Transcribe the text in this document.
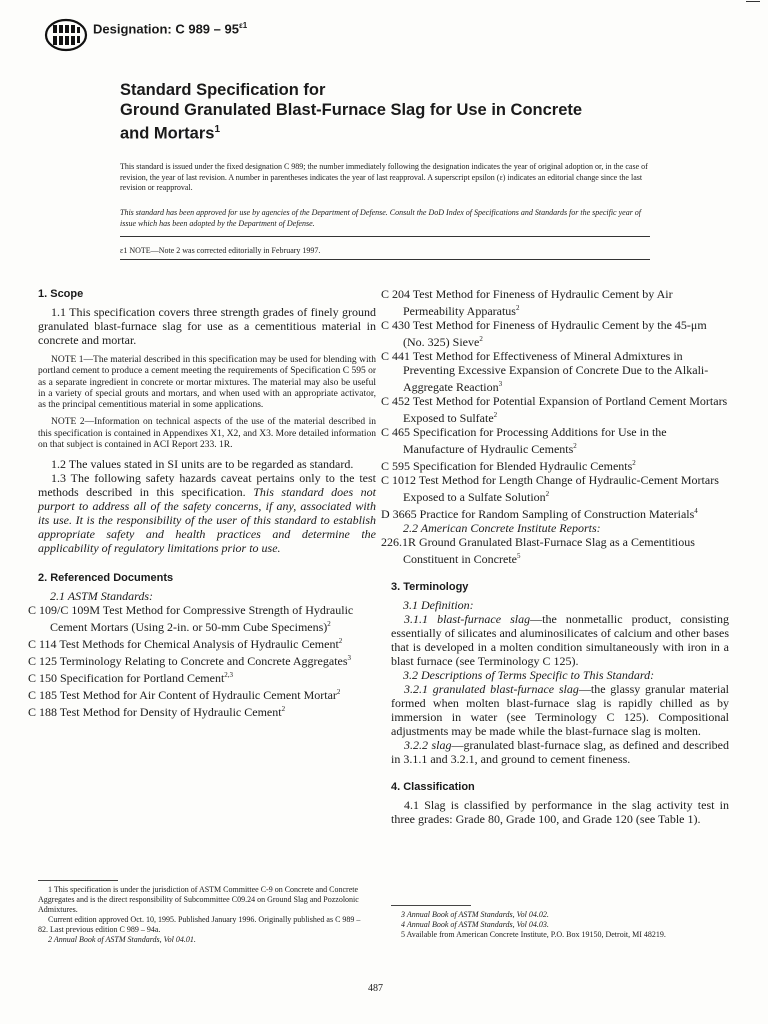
Designation: C $989 - 95^{\varepsilon 1}$
Standard Specification for
Ground Granulated Blast-Furnace Slag for Use in Concrete
and Mortars$^1$
This standard is issued under the fixed designation C 989; the number immediately following the designation indicates the year of original adoption or, in the case of revision, the year of last revision. A number in parentheses indicates the year of last reapproval. A superscript epsilon (ε) indicates an editorial change since the last revision or reapproval.
This standard has been approved for use by agencies of the Department of Defense. Consult the DoD Index of Specifications and Standards for the specific year of issue which has been adopted by the Department of Defense.
ε1 NOTE—Note 2 was corrected editorially in February 1997.
1. Scope

1.1 This specification covers three strength grades of finely ground granulated blast-furnace slag for use as a cementitious material in concrete and mortar.

NOTE 1—The material described in this specification may be used for blending with portland cement to produce a cement meeting the requirements of Specification C 595 or as a separate ingredient in concrete or mortar mixtures. The material may also be useful in a variety of special grouts and mortars, and when used with an appropriate activator, as the principal cementitious material in some applications.

NOTE 2—Information on technical aspects of the use of the material described in this specification is contained in Appendixes X1, X2, and X3. More detailed information on that subject is contained in ACI Report 233. 1R.

1.2 The values stated in SI units are to be regarded as standard.

1.3 The following safety hazards caveat pertains only to the test methods described in this specification. This standard does not purport to address all of the safety concerns, if any, associated with its use. It is the responsibility of the user of this standard to establish appropriate safety and health practices and determine the applicability of regulatory limitations prior to use.

2. Referenced Documents

2.1 ASTM Standards:

C 109/C 109M Test Method for Compressive Strength of Hydraulic Cement Mortars (Using 2-in. or 50-mm Cube Specimens)$^2$

C 114 Test Methods for Chemical Analysis of Hydraulic Cement$^2$

C 125 Terminology Relating to Concrete and Concrete Aggregates$^3$

C 150 Specification for Portland Cement$^{2,3}$

C 185 Test Method for Air Content of Hydraulic Cement Mortar$^2$

C 188 Test Method for Density of Hydraulic Cement$^2$

C 204 Test Method for Fineness of Hydraulic Cement by Air Permeability Apparatus$^2$

C 430 Test Method for Fineness of Hydraulic Cement by the 45-μm (No. 325) Sieve$^2$

C 441 Test Method for Effectiveness of Mineral Admixtures in Preventing Excessive Expansion of Concrete Due to the Alkali-Aggregate Reaction$^3$

C 452 Test Method for Potential Expansion of Portland Cement Mortars Exposed to Sulfate$^2$

C 465 Specification for Processing Additions for Use in the Manufacture of Hydraulic Cements$^2$

C 595 Specification for Blended Hydraulic Cements$^2$

C 1012 Test Method for Length Change of Hydraulic-Cement Mortars Exposed to a Sulfate Solution$^2$

D 3665 Practice for Random Sampling of Construction Materials$^4$

2.2 American Concrete Institute Reports:

226.1R Ground Granulated Blast-Furnace Slag as a Cementitious Constituent in Concrete$^5$

3. Terminology

3.1 Definition:

3.1.1 blast-furnace slag—the nonmetallic product, consisting essentially of silicates and aluminosilicates of calcium and other bases that is developed in a molten condition simultaneously with iron in a blast furnace (see Terminology C 125).

3.2 Descriptions of Terms Specific to This Standard:

3.2.1 granulated blast-furnace slag—the glassy granular material formed when molten blast-furnace slag is rapidly chilled as by immersion in water (see Terminology C 125). Compositional adjustments may be made while the blast-furnace slag is molten.

3.2.2 slag—granulated blast-furnace slag, as defined and described in 3.1.1 and 3.2.1, and ground to cement fineness.

4. Classification

4.1 Slag is classified by performance in the slag activity test in three grades: Grade 80, Grade 100, and Grade 120 (see Table 1).

1 This specification is under the jurisdiction of ASTM Committee C-9 on Concrete and Concrete Aggregates and is the direct responsibility of Subcommittee C09.24 on Ground Slag and Pozzolonic Admixtures.

Current edition approved Oct. 10, 1995. Published January 1996. Originally published as C 989 – 82. Last previous edition C 989 – 94a.

2 Annual Book of ASTM Standards, Vol 04.01.

3 Annual Book of ASTM Standards, Vol 04.02.

4 Annual Book of ASTM Standards, Vol 04.03.

5 Available from American Concrete Institute, P.O. Box 19150, Detroit, MI 48219.

487
